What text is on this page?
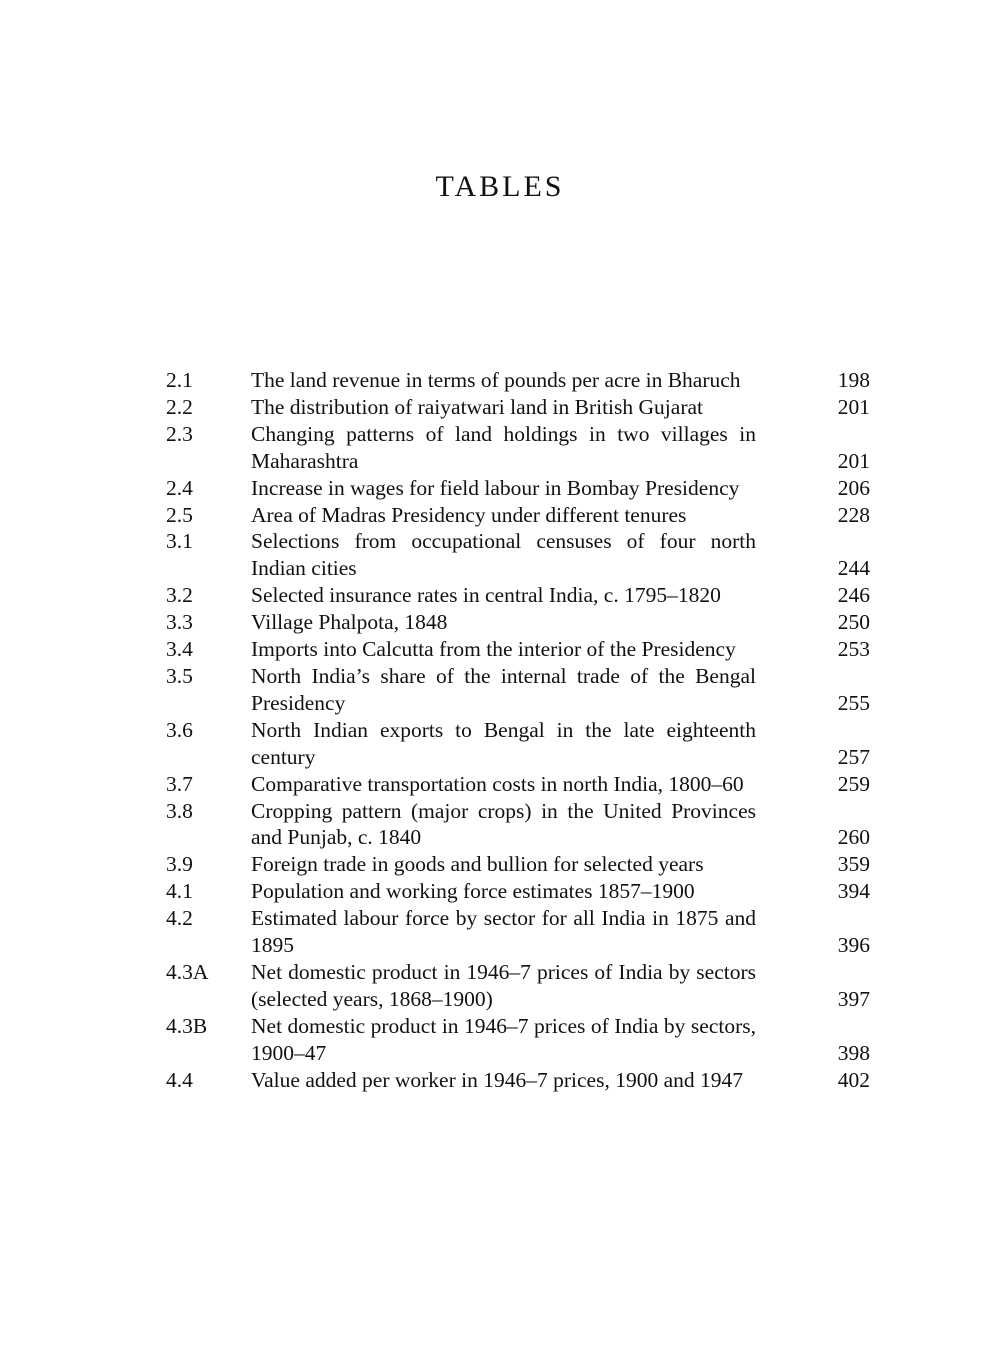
TABLES
2.1	The land revenue in terms of pounds per acre in Bharuch	198
2.2	The distribution of raiyatwari land in British Gujarat	201
2.3	Changing patterns of land holdings in two villages in Maharashtra	201
2.4	Increase in wages for field labour in Bombay Presidency	206
2.5	Area of Madras Presidency under different tenures	228
3.1	Selections from occupational censuses of four north Indian cities	244
3.2	Selected insurance rates in central India, c. 1795–1820	246
3.3	Village Phalpota, 1848	250
3.4	Imports into Calcutta from the interior of the Presidency	253
3.5	North India’s share of the internal trade of the Bengal Presidency	255
3.6	North Indian exports to Bengal in the late eighteenth century	257
3.7	Comparative transportation costs in north India, 1800–60	259
3.8	Cropping pattern (major crops) in the United Provinces and Punjab, c. 1840	260
3.9	Foreign trade in goods and bullion for selected years	359
4.1	Population and working force estimates 1857–1900	394
4.2	Estimated labour force by sector for all India in 1875 and 1895	396
4.3A	Net domestic product in 1946–7 prices of India by sectors (selected years, 1868–1900)	397
4.3B	Net domestic product in 1946–7 prices of India by sectors, 1900–47	398
4.4	Value added per worker in 1946–7 prices, 1900 and 1947	402
